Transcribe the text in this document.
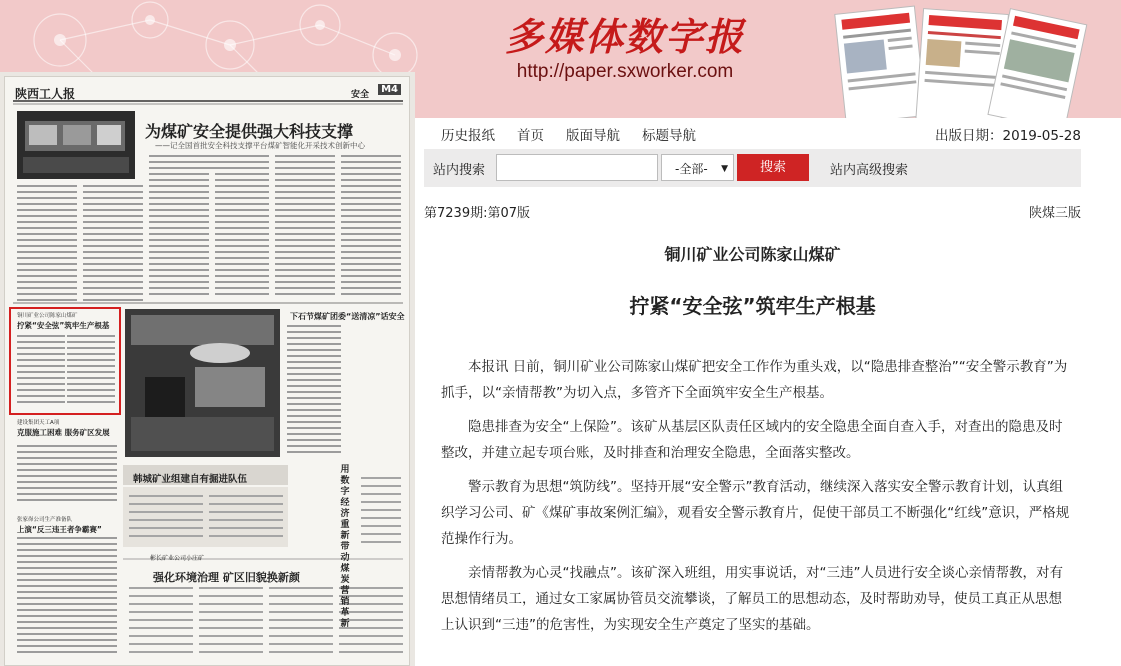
多媒体数字报
http://paper.sxworker.com
陕西工人报	安全	M4
为煤矿安全提供强大科技支撑
——记全国首批安全科技支撑平台煤矿智能化开采技术创新中心
下石节煤矿团委“送清凉”话安全
铜川矿业公司陈家山煤矿
拧紧“安全弦”筑牢生产根基
建设集团天工A项
克服施工困难 服务矿区发展
张家峁公司生产准备队
上演“反三违王者争霸赛”
韩城矿业组建自有掘进队伍
彬长矿业公司小庄矿
强化环境治理 矿区旧貌换新颜
用数字经济 重新 带动煤炭 营销 革新
历史报纸 首页 版面导航 标题导航	出版日期：2019-05-28
站内搜索	-全部- ▼	搜索	站内高级搜索
第7239期:第07版	陕煤三版
铜川矿业公司陈家山煤矿
拧紧“安全弦”筑牢生产根基

本报讯 日前，铜川矿业公司陈家山煤矿把安全工作作为重头戏，以“隐患排查整治”“安全警示教育”为抓手，以“亲情帮教”为切入点，多管齐下全面筑牢安全生产根基。

隐患排查为安全“上保险”。该矿从基层区队责任区域内的安全隐患全面自查入手，对查出的隐患及时整改，并建立起专项台账，及时排查和治理安全隐患，全面落实整改。

警示教育为思想“筑防线”。坚持开展“安全警示”教育活动，继续深入落实安全警示教育计划，认真组织学习公司、矿《煤矿事故案例汇编》，观看安全警示教育片，促使干部员工不断强化“红线”意识，严格规范操作行为。

亲情帮教为心灵“找融点”。该矿深入班组，用实事说话，对“三违”人员进行安全谈心亲情帮教，对有思想情绪员工，通过女工家属协管员交流攀谈，了解员工的思想动态，及时帮助劝导，使员工真正从思想上认识到“三违”的危害性，为实现安全生产奠定了坚实的基础。
